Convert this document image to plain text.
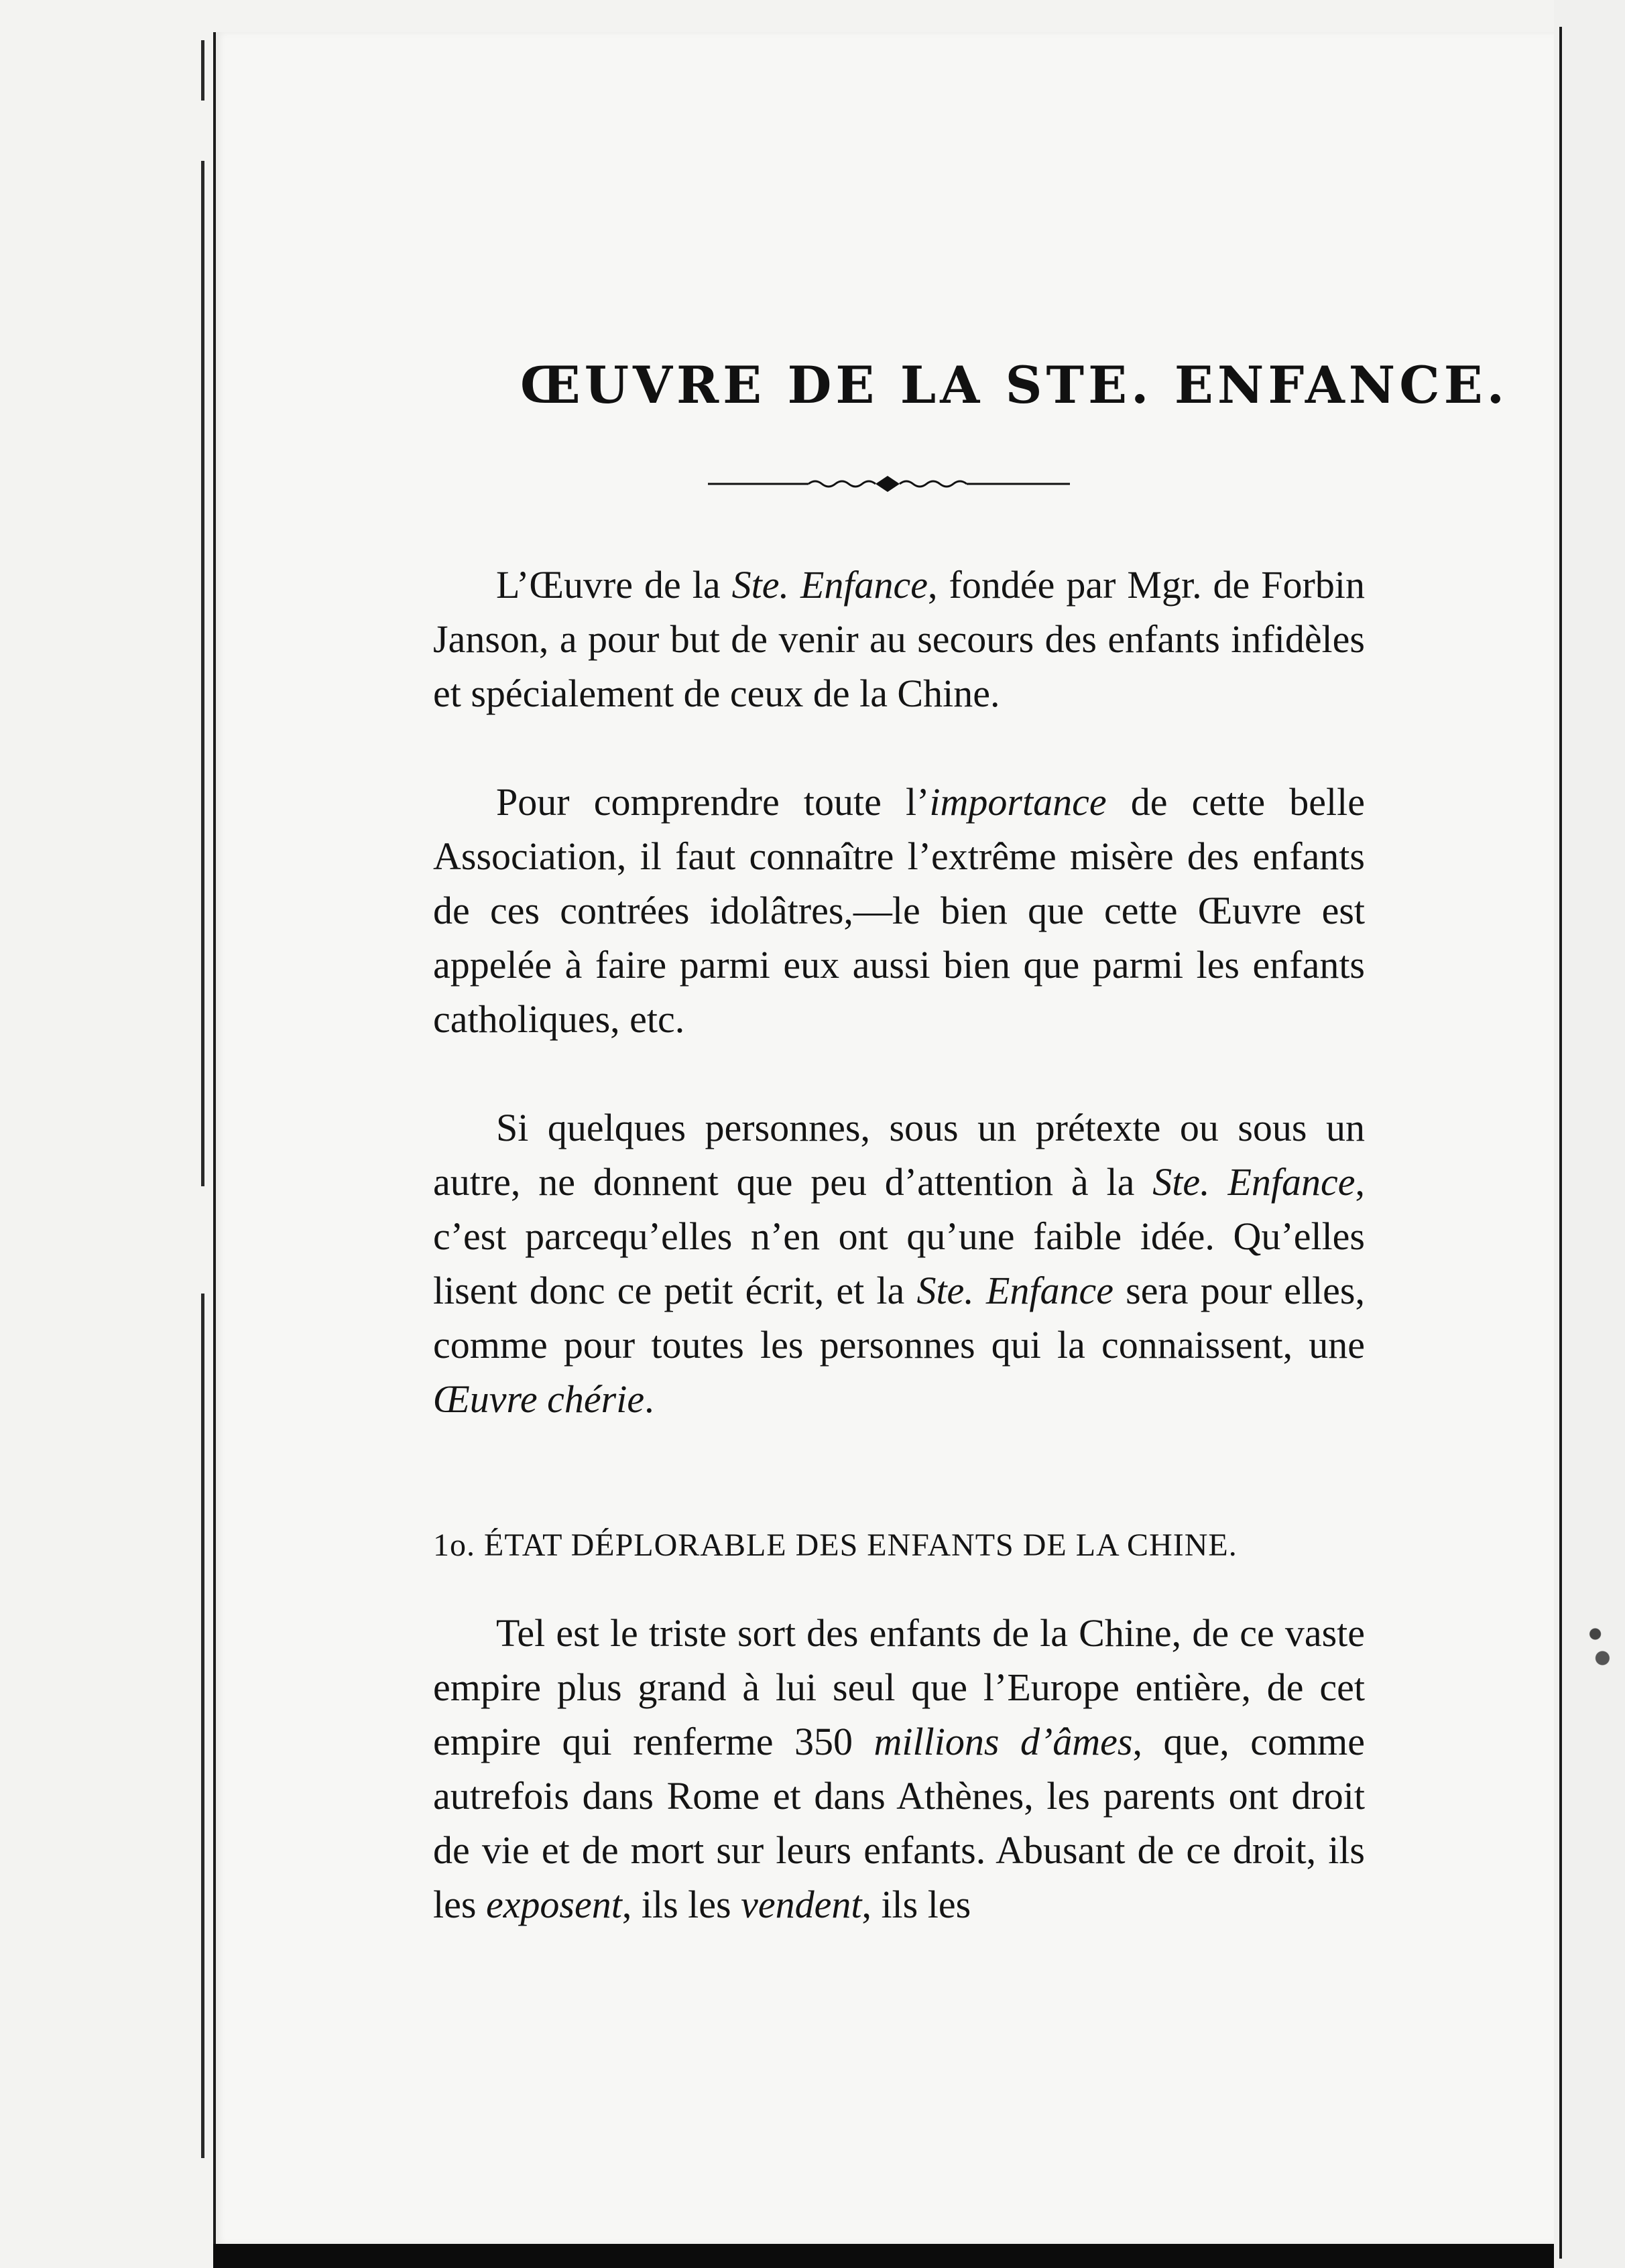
ŒUVRE DE LA STE. ENFANCE.

L’Œuvre de la Ste. Enfance, fondée par Mgr. de Forbin Janson, a pour but de venir au secours des enfants infidèles et spécialement de ceux de la Chine.

Pour comprendre toute l’importance de cette belle Association, il faut connaître l’extrême misère des enfants de ces contrées idolâtres,—le bien que cette Œuvre est appelée à faire parmi eux aussi bien que parmi les enfants catholiques, etc.

Si quelques personnes, sous un prétexte ou sous un autre, ne donnent que peu d’attention à la Ste. Enfance, c’est parcequ’elles n’en ont qu’une faible idée. Qu’elles lisent donc ce petit écrit, et la Ste. Enfance sera pour elles, comme pour toutes les personnes qui la connaissent, une Œuvre chérie.

1o. ÉTAT DÉPLORABLE DES ENFANTS DE LA CHINE.

Tel est le triste sort des enfants de la Chine, de ce vaste empire plus grand à lui seul que l’Europe entière, de cet empire qui renferme 350 millions d’âmes, que, comme autrefois dans Rome et dans Athènes, les parents ont droit de vie et de mort sur leurs enfants. Abusant de ce droit, ils les exposent, ils les vendent, ils les
